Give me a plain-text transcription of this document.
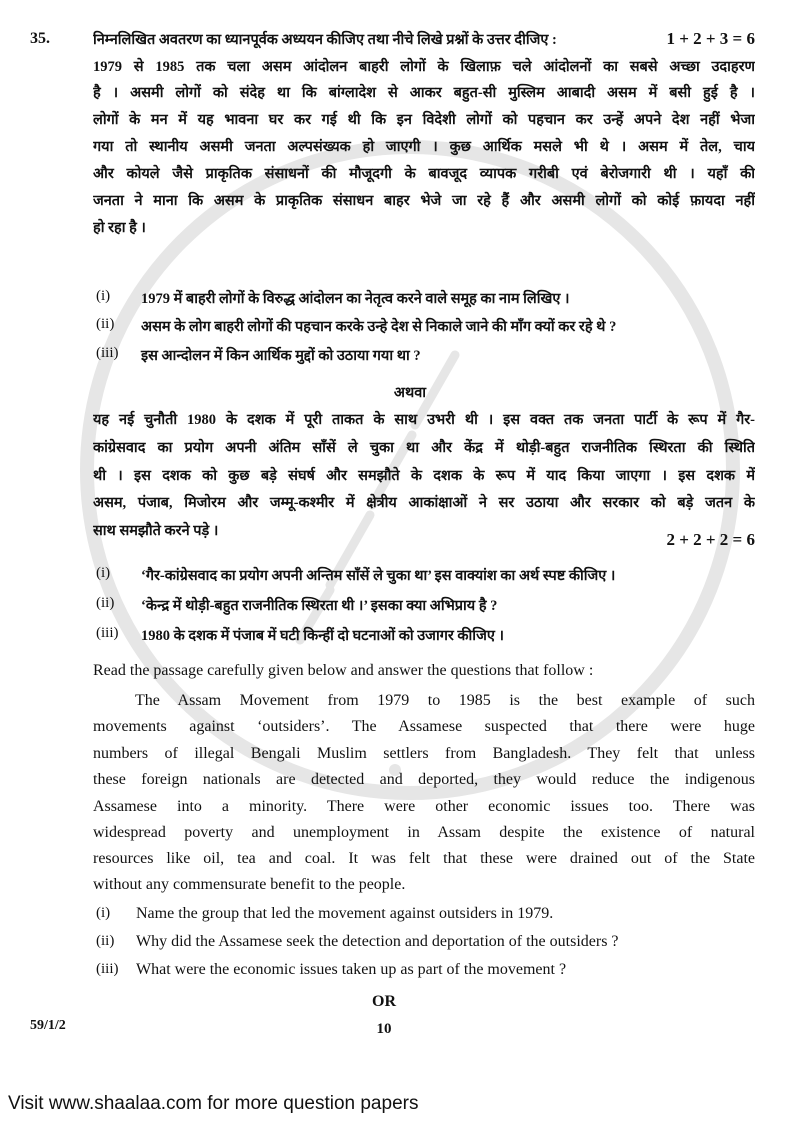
35.	निम्नलिखित अवतरण का ध्यानपूर्वक अध्ययन कीजिए तथा नीचे लिखे प्रश्नों के उत्तर दीजिए :	1 + 2 + 3 = 6
1979 से 1985 तक चला असम आंदोलन बाहरी लोगों के खिलाफ़ चले आंदोलनों का सबसे अच्छा उदाहरण
है । असमी लोगों को संदेह था कि बांग्लादेश से आकर बहुत-सी मुस्लिम आबादी असम में बसी हुई है ।
लोगों के मन में यह भावना घर कर गई थी कि इन विदेशी लोगों को पहचान कर उन्हें अपने देश नहीं भेजा
गया तो स्थानीय असमी जनता अल्पसंख्यक हो जाएगी । कुछ आर्थिक मसले भी थे । असम में तेल, चाय
और कोयले जैसे प्राकृतिक संसाधनों की मौजूदगी के बावजूद व्यापक गरीबी एवं बेरोजगारी थी । यहाँ की
जनता ने माना कि असम के प्राकृतिक संसाधन बाहर भेजे जा रहे हैं और असमी लोगों को कोई फ़ायदा नहीं
हो रहा है ।
(i) 1979 में बाहरी लोगों के विरुद्ध आंदोलन का नेतृत्व करने वाले समूह का नाम लिखिए ।
(ii) असम के लोग बाहरी लोगों की पहचान करके उन्हे देश से निकाले जाने की माँग क्यों कर रहे थे ?
(iii) इस आन्दोलन में किन आर्थिक मुद्दों को उठाया गया था ?
अथवा
यह नई चुनौती 1980 के दशक में पूरी ताकत के साथ उभरी थी । इस वक्त तक जनता पार्टी के रूप में गैर-
कांग्रेसवाद का प्रयोग अपनी अंतिम साँसें ले चुका था और केंद्र में थोड़ी-बहुत राजनीतिक स्थिरता की स्थिति
थी । इस दशक को कुछ बड़े संघर्ष और समझौते के दशक के रूप में याद किया जाएगा । इस दशक में
असम, पंजाब, मिजोरम और जम्मू-कश्मीर में क्षेत्रीय आकांक्षाओं ने सर उठाया और सरकार को बड़े जतन के
साथ समझौते करने पड़े ।	2 + 2 + 2 = 6
(i) ‘गैर-कांग्रेसवाद का प्रयोग अपनी अन्तिम साँसें ले चुका था’ इस वाक्यांश का अर्थ स्पष्ट कीजिए ।
(ii) ‘केन्द्र में थोड़ी-बहुत राजनीतिक स्थिरता थी ।’ इसका क्या अभिप्राय है ?
(iii) 1980 के दशक में पंजाब में घटी किन्हीं दो घटनाओं को उजागर कीजिए ।
Read the passage carefully given below and answer the questions that follow :
The Assam Movement from 1979 to 1985 is the best example of such
movements against ‘outsiders’. The Assamese suspected that there were huge
numbers of illegal Bengali Muslim settlers from Bangladesh. They felt that unless
these foreign nationals are detected and deported, they would reduce the indigenous
Assamese into a minority. There were other economic issues too. There was
widespread poverty and unemployment in Assam despite the existence of natural
resources like oil, tea and coal. It was felt that these were drained out of the State
without any commensurate benefit to the people.
(i) Name the group that led the movement against outsiders in 1979.
(ii) Why did the Assamese seek the detection and deportation of the outsiders ?
(iii) What were the economic issues taken up as part of the movement ?
OR
59/1/2	10
Visit www.shaalaa.com for more question papers
